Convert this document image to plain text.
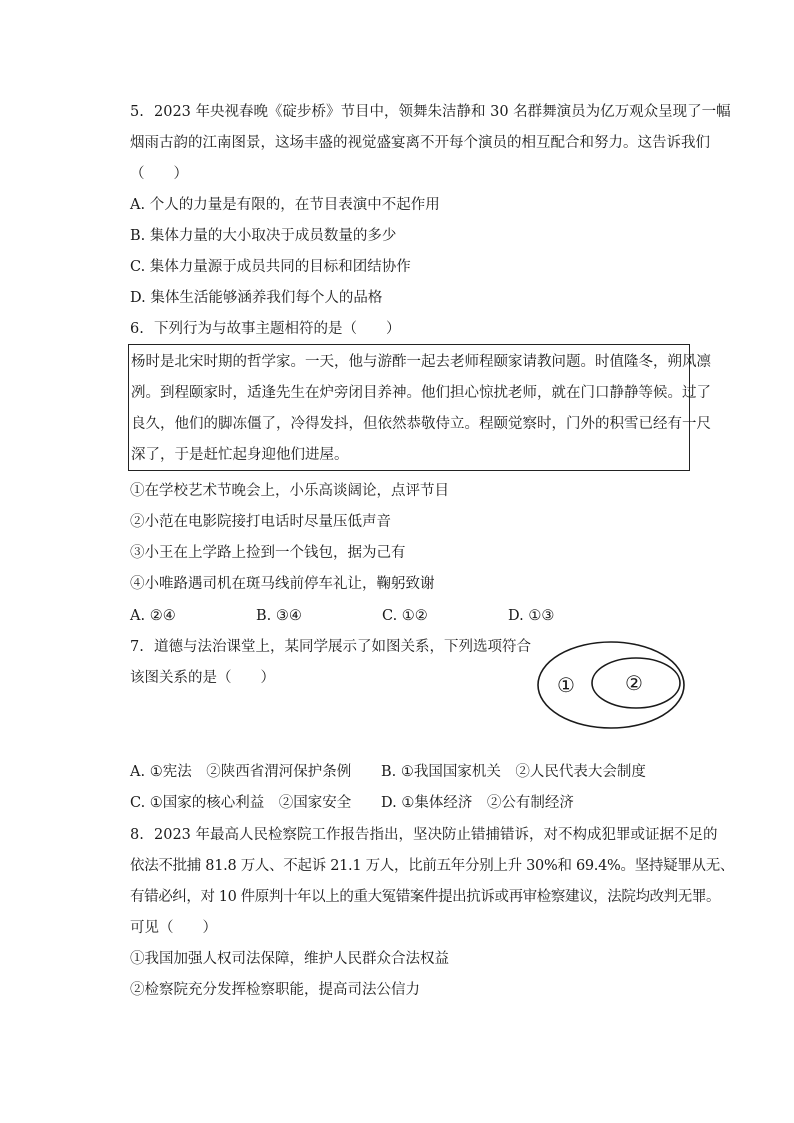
5. 2023 年央视春晚《碇步桥》节目中，领舞朱洁静和 30 名群舞演员为亿万观众呈现了一幅
烟雨古韵的江南图景，这场丰盛的视觉盛宴离不开每个演员的相互配合和努力。这告诉我们
（　　）
A. 个人的力量是有限的，在节目表演中不起作用
B. 集体力量的大小取决于成员数量的多少
C. 集体力量源于成员共同的目标和团结协作
D. 集体生活能够涵养我们每个人的品格
6. 下列行为与故事主题相符的是（　　）
杨时是北宋时期的哲学家。一天，他与游酢一起去老师程颐家请教问题。时值隆冬，朔风凛
冽。到程颐家时，适逢先生在炉旁闭目养神。他们担心惊扰老师，就在门口静静等候。过了
良久，他们的脚冻僵了，冷得发抖，但依然恭敬侍立。程颐觉察时，门外的积雪已经有一尺
深了，于是赶忙起身迎他们进屋。
①在学校艺术节晚会上，小乐高谈阔论，点评节目
②小范在电影院接打电话时尽量压低声音
③小王在上学路上捡到一个钱包，据为己有
④小唯路遇司机在斑马线前停车礼让，鞠躬致谢
A. ②④	B. ③④	C. ①②	D. ①③
7. 道德与法治课堂上，某同学展示了如图关系，下列选项符合
该图关系的是（　　）	①	②
A. ①宪法　②陕西省渭河保护条例 B. ①我国国家机关　②人民代表大会制度
C. ①国家的核心利益　②国家安全 D. ①集体经济　②公有制经济
8. 2023 年最高人民检察院工作报告指出，坚决防止错捕错诉，对不构成犯罪或证据不足的
依法不批捕 81.8 万人、不起诉 21.1 万人，比前五年分别上升 30%和 69.4%。坚持疑罪从无、
有错必纠，对 10 件原判十年以上的重大冤错案件提出抗诉或再审检察建议，法院均改判无罪。
可见（　　）
①我国加强人权司法保障，维护人民群众合法权益
②检察院充分发挥检察职能，提高司法公信力
